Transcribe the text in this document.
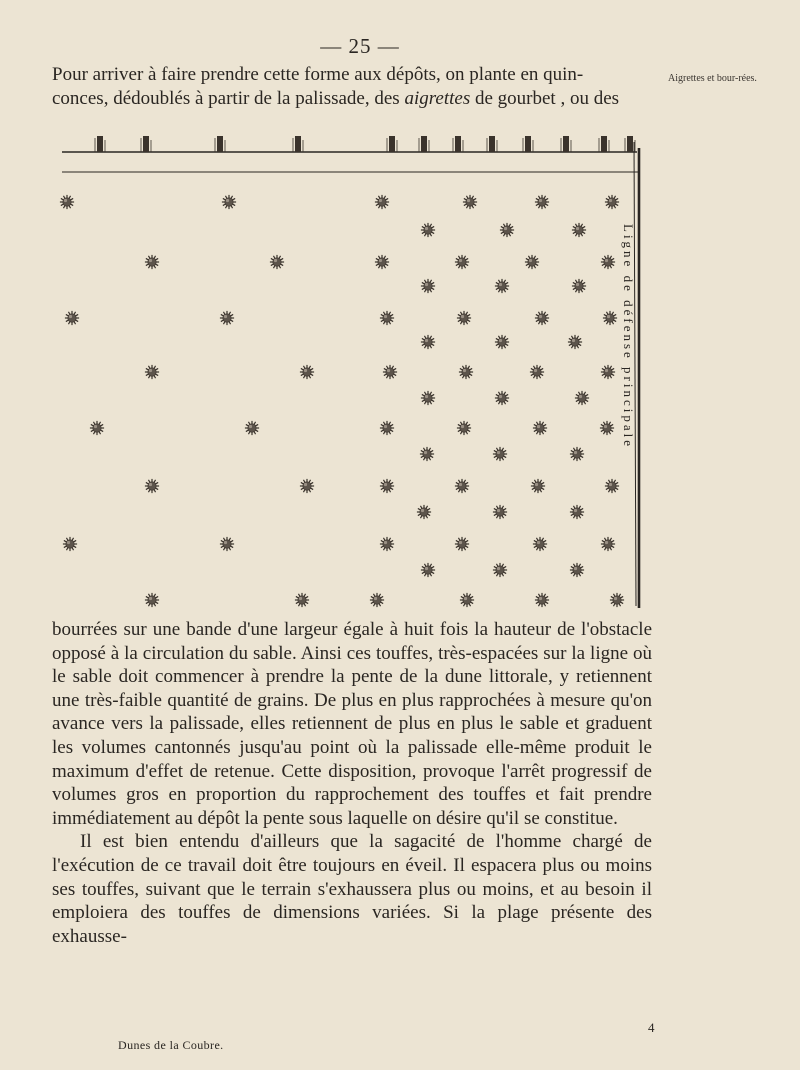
— 25 —
Aigrettes et bour-rées.

Pour arriver à faire prendre cette forme aux dépôts, on plante en quin-

conces, dédoublés à partir de la palissade, des aigrettes de gourbet , ou des

Ligne de défense principale

bourrées sur une bande d'une largeur égale à huit fois la hauteur de l'obstacle opposé à la circulation du sable. Ainsi ces touffes, très-espacées sur la ligne où le sable doit commencer à prendre la pente de la dune littorale, y retiennent une très-faible quantité de grains. De plus en plus rapprochées à mesure qu'on avance vers la palissade, elles retiennent de plus en plus le sable et graduent les volumes cantonnés jusqu'au point où la palissade elle-même produit le maximum d'effet de retenue. Cette disposition, provoque l'arrêt progressif de volumes gros en proportion du rapprochement des touffes et fait prendre immédiatement au dépôt la pente sous laquelle on désire qu'il se constitue.

Il est bien entendu d'ailleurs que la sagacité de l'homme chargé de l'exécution de ce travail doit être toujours en éveil. Il espacera plus ou moins ses touffes, suivant que le terrain s'exhaussera plus ou moins, et au besoin il emploiera des touffes de dimensions variées. Si la plage présente des exhausse-

Dunes de la Coubre.
4
